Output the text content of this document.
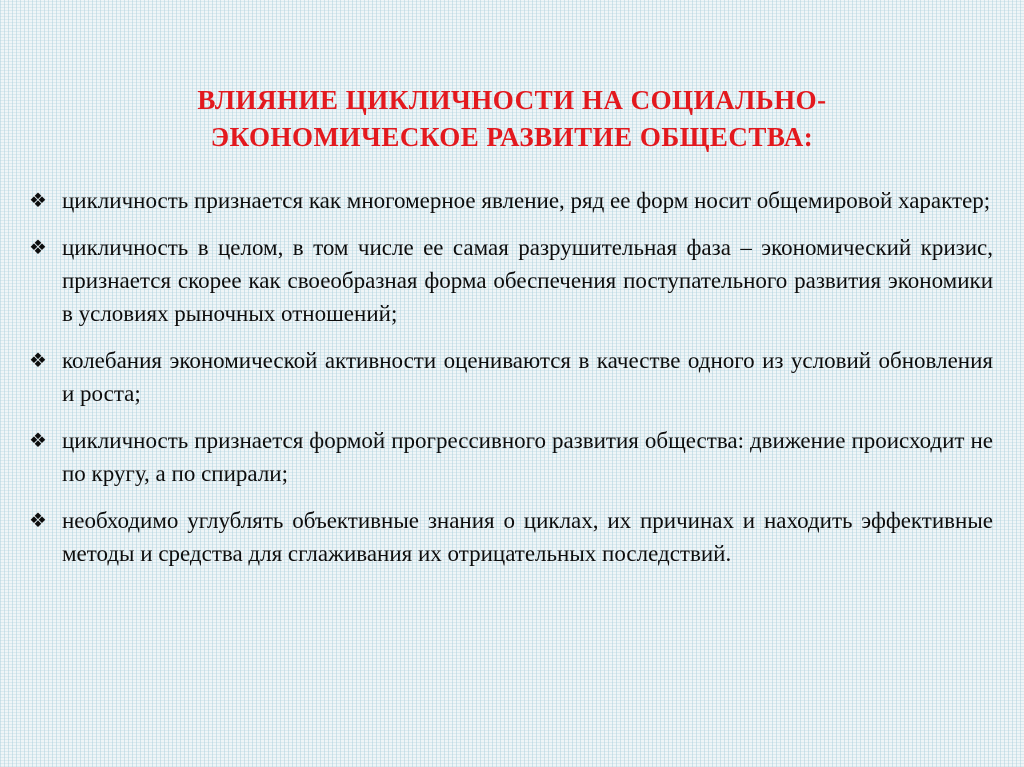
ВЛИЯНИЕ ЦИКЛИЧНОСТИ НА СОЦИАЛЬНО-ЭКОНОМИЧЕСКОЕ РАЗВИТИЕ ОБЩЕСТВА:
❖ цикличность признается как многомерное явление, ряд ее форм носит общемировой характер;
❖ цикличность в целом, в том числе ее самая разрушительная фаза – экономический кризис, признается скорее как своеобразная форма обеспечения поступательного развития экономики в условиях рыночных отношений;
❖ колебания экономической активности оцениваются в качестве одного из условий обновления и роста;
❖ цикличность признается формой прогрессивного развития общества: движение происходит не по кругу, а по спирали;
❖ необходимо углублять объективные знания о циклах, их причинах и находить эффективные методы и средства для сглаживания их отрицательных последствий.
